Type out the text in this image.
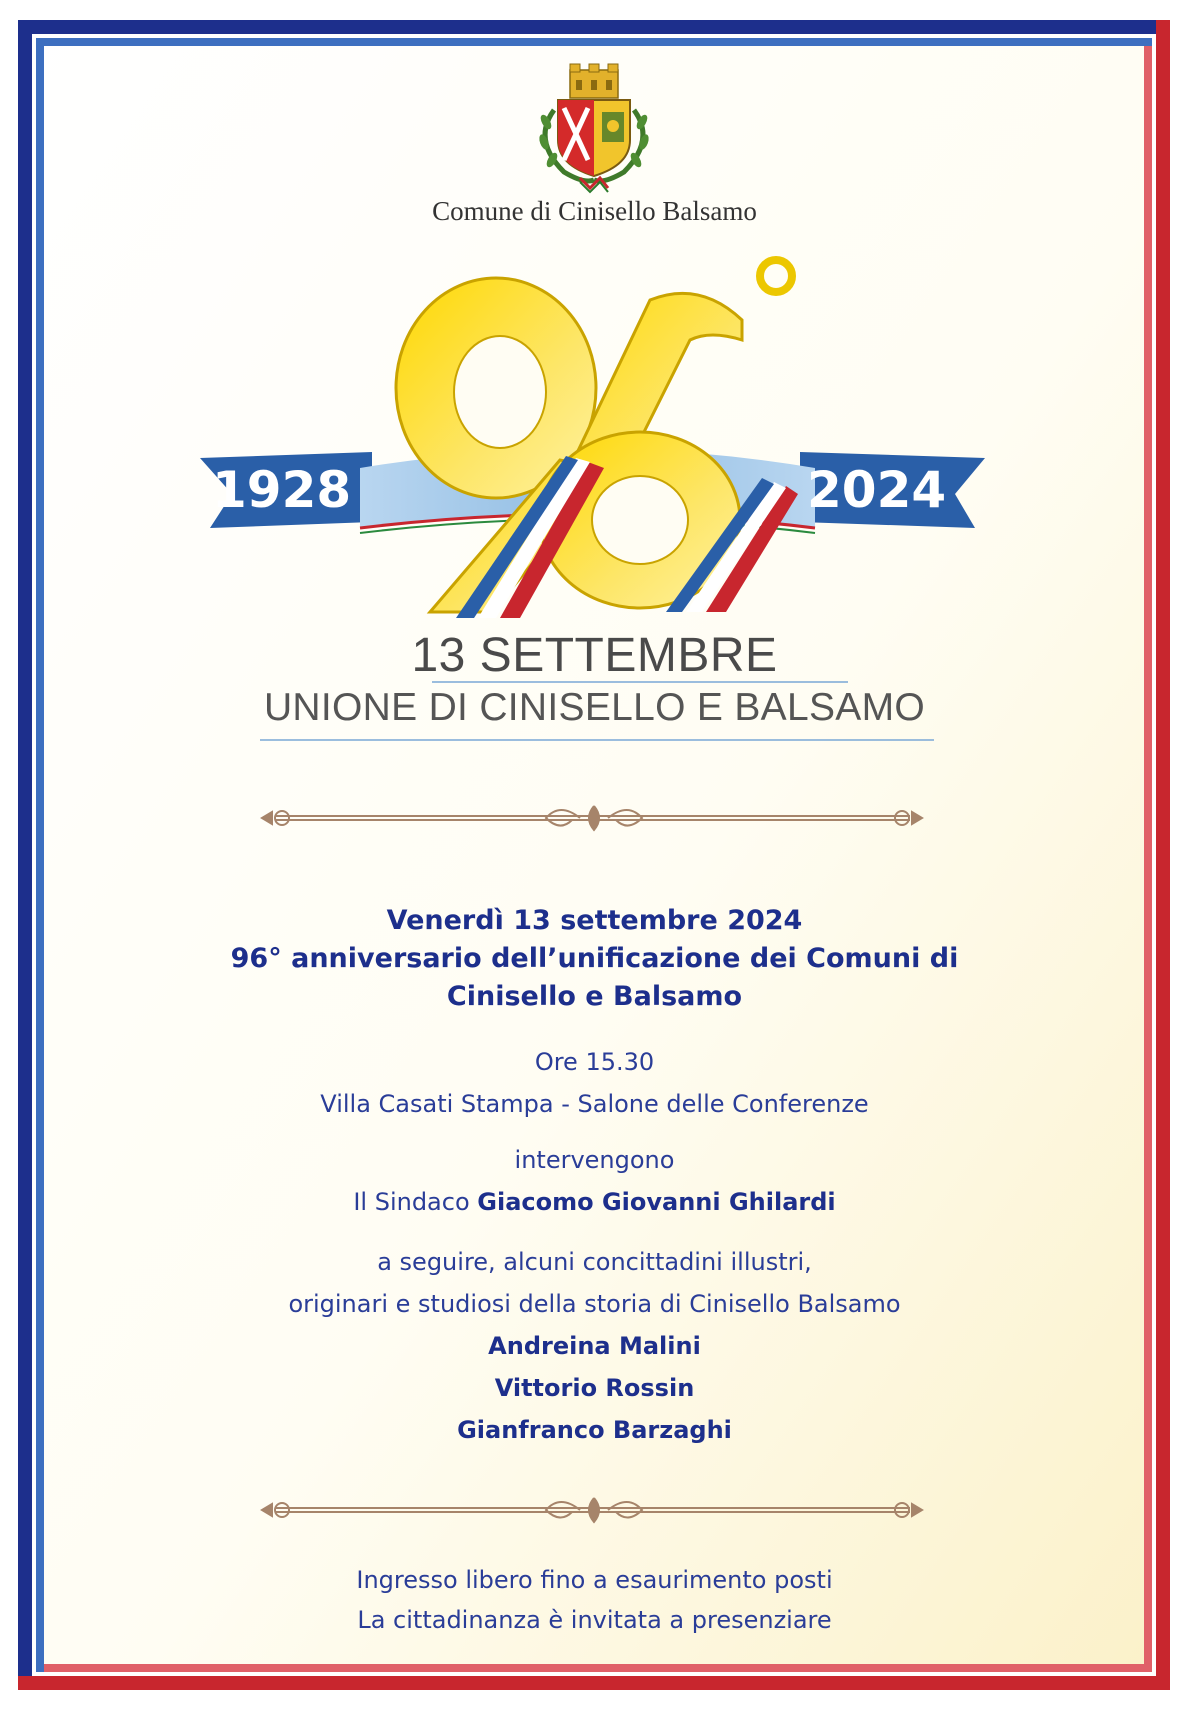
1928	2024
Comune di Cinisello Balsamo
13 SETTEMBRE
UNIONE DI CINISELLO E BALSAMO
Venerdì 13 settembre 2024
96° anniversario dell’unificazione dei Comuni di
Cinisello e Balsamo
Ore 15.30
Villa Casati Stampa - Salone delle Conferenze
intervengono
Il Sindaco Giacomo Giovanni Ghilardi
a seguire, alcuni concittadini illustri,
originari e studiosi della storia di Cinisello Balsamo
Andreina Malini
Vittorio Rossin
Gianfranco Barzaghi
Ingresso libero fino a esaurimento posti
La cittadinanza è invitata a presenziare
